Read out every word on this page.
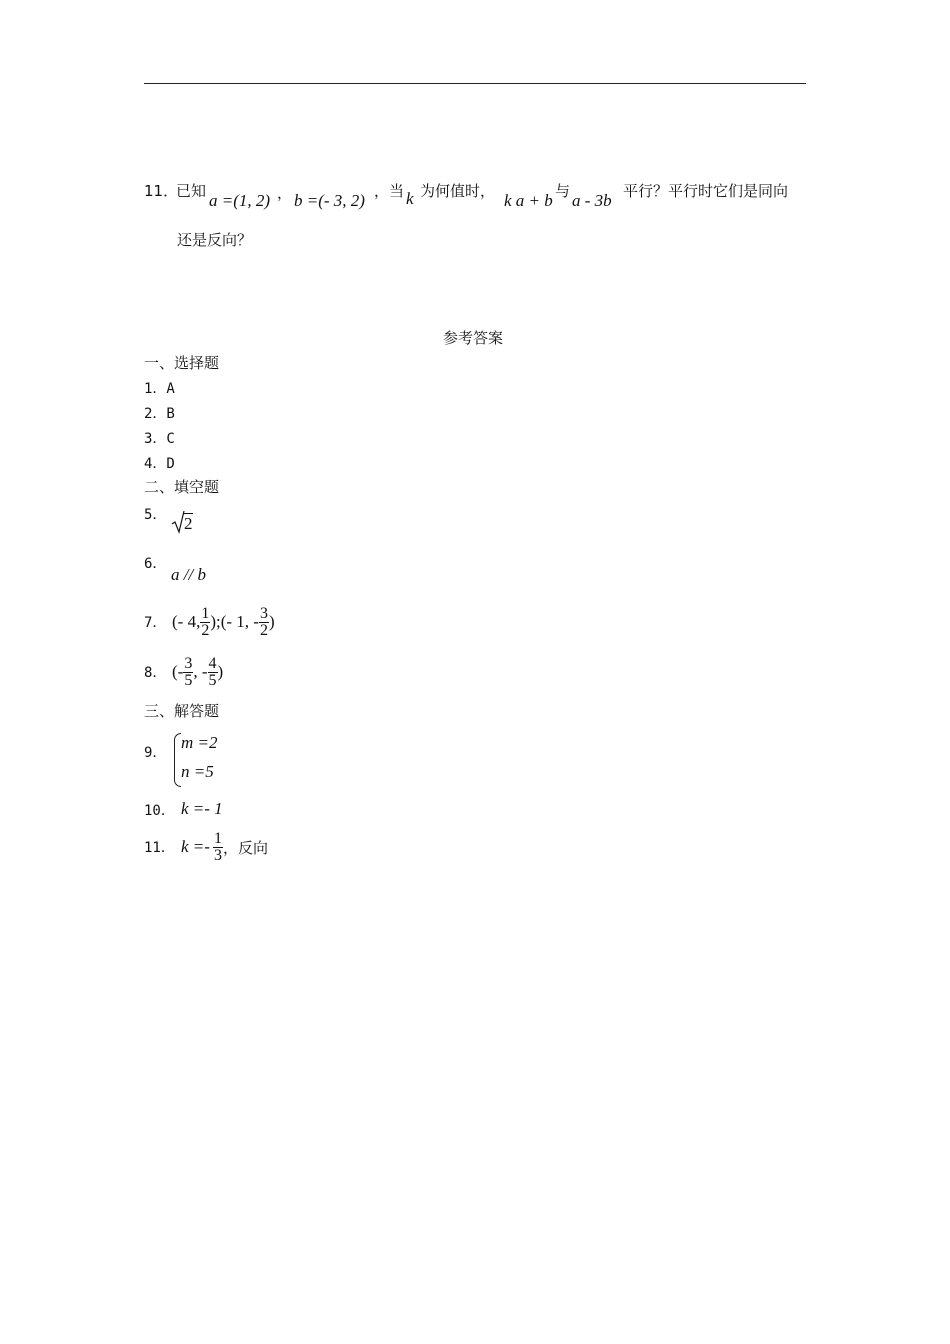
11．
已知 a =(1, 2) ， b =(- 3, 2) ，当 k 为何值时， k a + b 与 a - 3b 平行？平行时它们是同向
还是反向？
参考答案
一、选择题
1．A
2．B
3．C
4．D
二、填空题
5． 2
6．
a // b
7． (- 4, $\frac{1}{2}$ );(- 1, - $\frac{3}{2}$ )
8． (- $\frac{3}{5}$ , - $\frac{4}{5}$ )
三、解答题
9．
m =2
n =5
10． k =- 1
11． $k =- \frac{1}{3}$ ，反向
